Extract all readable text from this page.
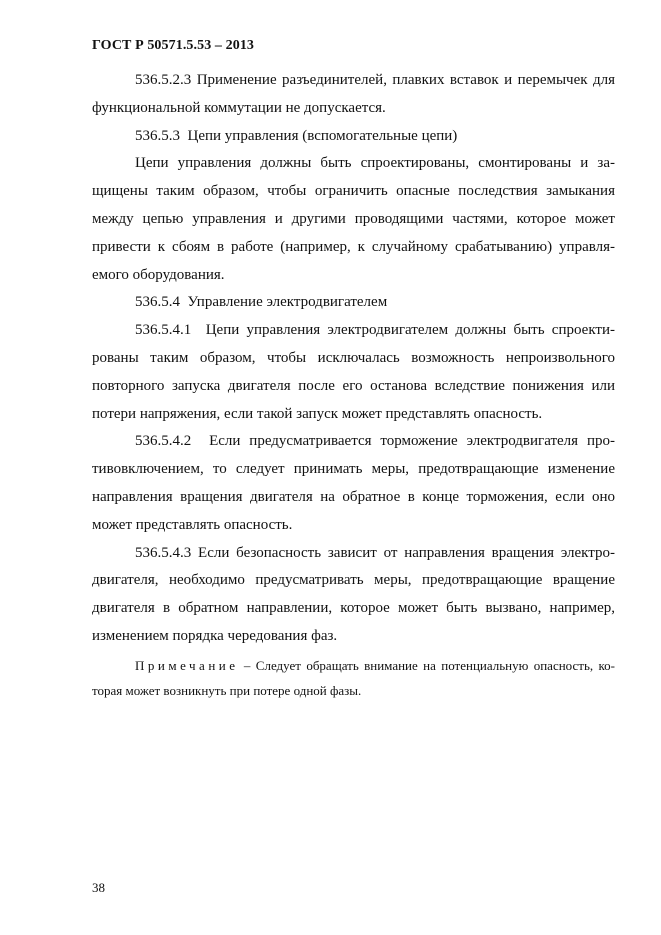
ГОСТ Р 50571.5.53 – 2013

536.5.2.3 Применение разъединителей, плавких вставок и перемычек для функциональной коммутации не допускается.

536.5.3 Цепи управления (вспомогательные цепи)

Цепи управления должны быть спроектированы, смонтированы и защищены таким образом, чтобы ограничить опасные последствия замыкания между цепью управления и другими проводящими частями, которое может привести к сбоям в работе (например, к случайному срабатыванию) управляемого оборудования.

536.5.4 Управление электродвигателем

536.5.4.1 Цепи управления электродвигателем должны быть спроектированы таким образом, чтобы исключалась возможность непроизвольного повторного запуска двигателя после его останова вследствие понижения или потери напряжения, если такой запуск может представлять опасность.

536.5.4.2 Если предусматривается торможение электродвигателя противовключением, то следует принимать меры, предотвращающие изменение направления вращения двигателя на обратное в конце торможения, если оно может представлять опасность.

536.5.4.3 Если безопасность зависит от направления вращения электродвигателя, необходимо предусматривать меры, предотвращающие вращение двигателя в обратном направлении, которое может быть вызвано, например, изменением порядка чередования фаз.

Примечание – Следует обращать внимание на потенциальную опасность, которая может возникнуть при потере одной фазы.

38
